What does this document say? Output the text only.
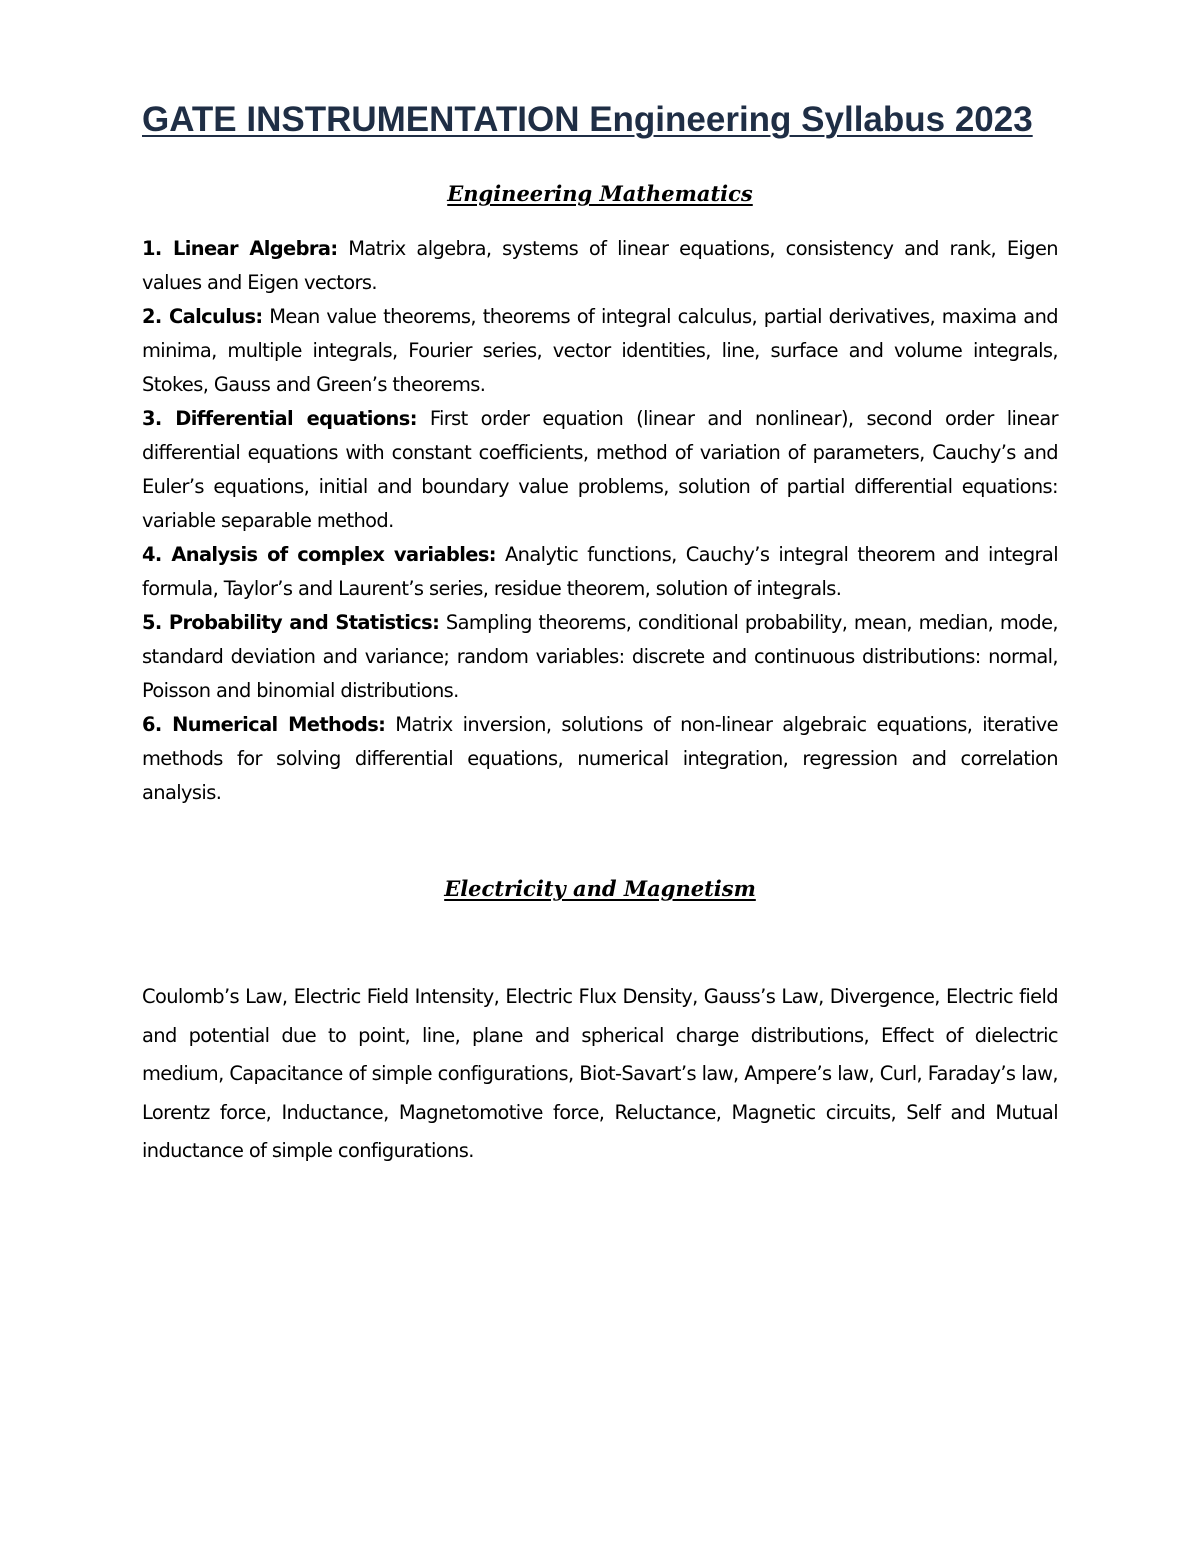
GATE INSTRUMENTATION Engineering Syllabus 2023
Engineering Mathematics

1. Linear Algebra: Matrix algebra, systems of linear equations, consistency and rank, Eigen values and Eigen vectors.

2. Calculus: Mean value theorems, theorems of integral calculus, partial derivatives, maxima and minima, multiple integrals, Fourier series, vector identities, line, surface and volume integrals, Stokes, Gauss and Green’s theorems.

3. Differential equations: First order equation (linear and nonlinear), second order linear differential equations with constant coefficients, method of variation of parameters, Cauchy’s and Euler’s equations, initial and boundary value problems, solution of partial differential equations: variable separable method.

4. Analysis of complex variables: Analytic functions, Cauchy’s integral theorem and integral formula, Taylor’s and Laurent’s series, residue theorem, solution of integrals.

5. Probability and Statistics: Sampling theorems, conditional probability, mean, median, mode, standard deviation and variance; random variables: discrete and continuous distributions: normal, Poisson and binomial distributions.

6. Numerical Methods: Matrix inversion, solutions of non-linear algebraic equations, iterative methods for solving differential equations, numerical integration, regression and correlation analysis.

Electricity and Magnetism

Coulomb’s Law, Electric Field Intensity, Electric Flux Density, Gauss’s Law, Divergence, Electric field and potential due to point, line, plane and spherical charge distributions, Effect of dielectric medium, Capacitance of simple configurations, Biot-Savart’s law, Ampere’s law, Curl, Faraday’s law, Lorentz force, Inductance, Magnetomotive force, Reluctance, Magnetic circuits, Self and Mutual inductance of simple configurations.
